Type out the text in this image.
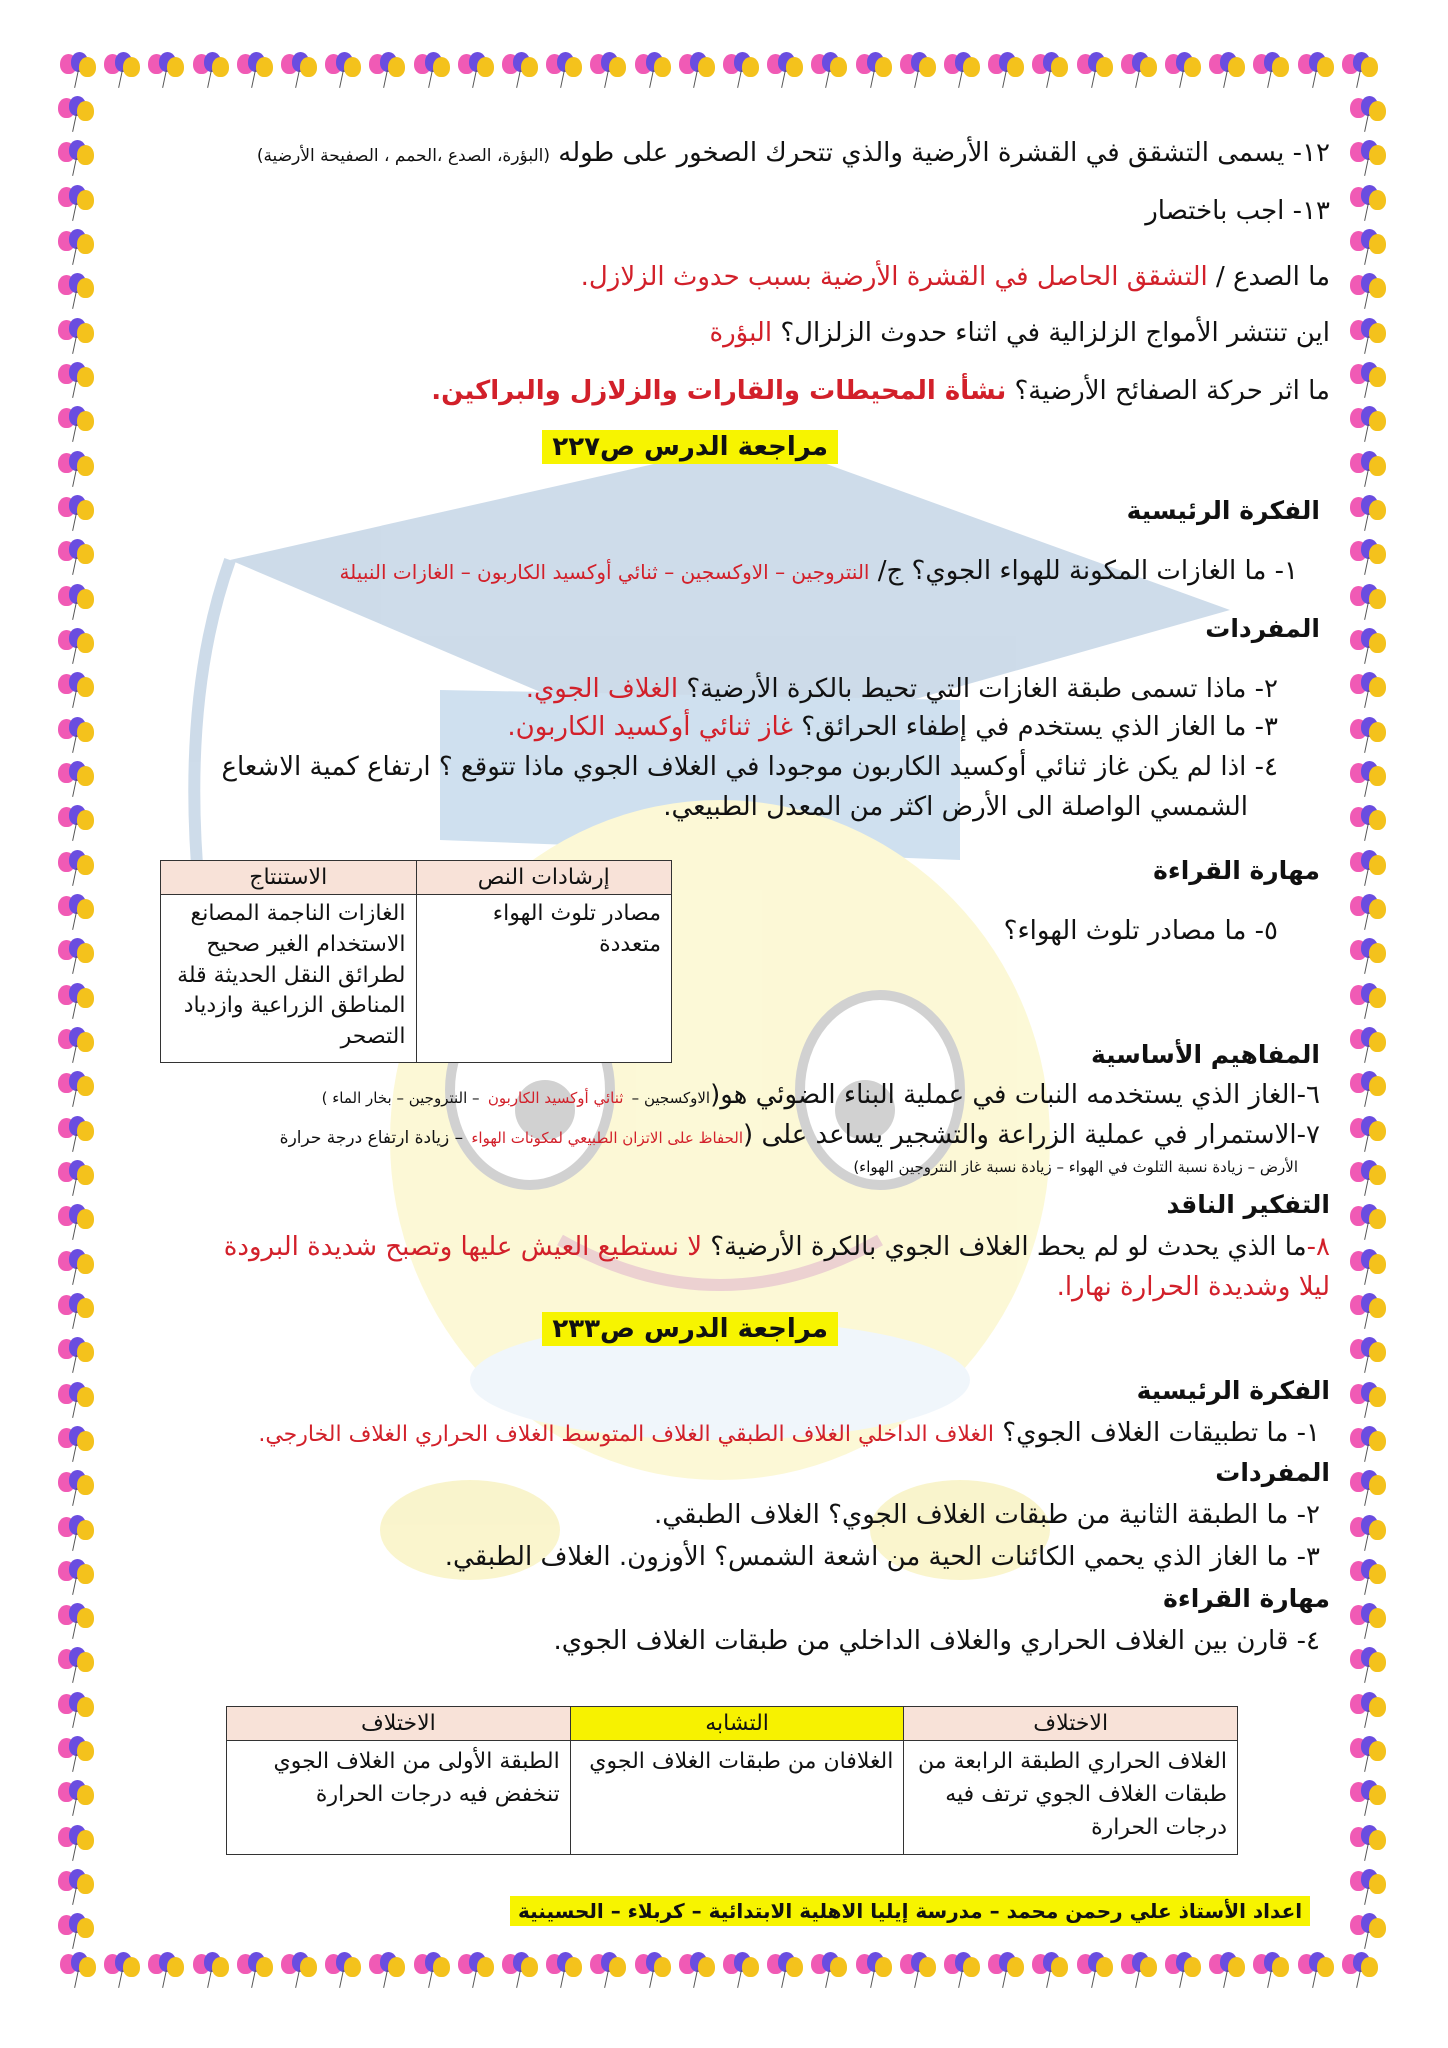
١٢- يسمى التشقق في القشرة الأرضية والذي تتحرك الصخور على طوله (البؤرة، الصدع ،الحمم ، الصفيحة الأرضية)
١٣- اجب باختصار
ما الصدع / التشقق الحاصل في القشرة الأرضية بسبب حدوث الزلازل.
اين تنتشر الأمواج الزلزالية في اثناء حدوث الزلزال؟ البؤرة
ما اثر حركة الصفائح الأرضية؟ نشأة المحيطات والقارات والزلازل والبراكين.
مراجعة الدرس ص٢٢٧
الفكرة الرئيسية
١- ما الغازات المكونة للهواء الجوي؟ ج/ النتروجين – الاوكسجين – ثنائي أوكسيد الكاربون – الغازات النبيلة
المفردات
٢- ماذا تسمى طبقة الغازات التي تحيط بالكرة الأرضية؟ الغلاف الجوي.
٣- ما الغاز الذي يستخدم في إطفاء الحرائق؟ غاز ثنائي أوكسيد الكاربون.
٤- اذا لم يكن غاز ثنائي أوكسيد الكاربون موجودا في الغلاف الجوي ماذا تتوقع ؟ ارتفاع كمية الاشعاع
الشمسي الواصلة الى الأرض اكثر من المعدل الطبيعي.
مهارة القراءة
٥- ما مصادر تلوث الهواء؟
إرشادات النص	الاستنتاج
مصادر تلوث الهواء متعددة	الغازات الناجمة المصانع الاستخدام الغير صحيح لطرائق النقل الحديثة قلة المناطق الزراعية وازدياد التصحر
المفاهيم الأساسية
٦-الغاز الذي يستخدمه النبات في عملية البناء الضوئي هو(الاوكسجين – ثنائي أوكسيد الكاربون – النتروجين – بخار الماء )
٧-الاستمرار في عملية الزراعة والتشجير يساعد على (الحفاظ على الاتزان الطبيعي لمكونات الهواء – زيادة ارتفاع درجة حرارة
الأرض – زيادة نسبة التلوث في الهواء – زيادة نسبة غاز النتروجين الهواء)
التفكير الناقد
٨-ما الذي يحدث لو لم يحط الغلاف الجوي بالكرة الأرضية؟ لا نستطيع العيش عليها وتصبح شديدة البرودة
ليلا وشديدة الحرارة نهارا.
مراجعة الدرس ص٢٣٣
الفكرة الرئيسية
١- ما تطبيقات الغلاف الجوي؟ الغلاف الداخلي الغلاف الطبقي الغلاف المتوسط الغلاف الحراري الغلاف الخارجي.
المفردات
٢- ما الطبقة الثانية من طبقات الغلاف الجوي؟ الغلاف الطبقي.
٣- ما الغاز الذي يحمي الكائنات الحية من اشعة الشمس؟ الأوزون. الغلاف الطبقي.
مهارة القراءة
٤- قارن بين الغلاف الحراري والغلاف الداخلي من طبقات الغلاف الجوي.
الاختلاف	التشابه	الاختلاف
الغلاف الحراري الطبقة الرابعة من طبقات الغلاف الجوي ترتف فيه درجات الحرارة	الغلافان من طبقات الغلاف الجوي	الطبقة الأولى من الغلاف الجوي تنخفض فيه درجات الحرارة
اعداد الأستاذ علي رحمن محمد – مدرسة إيليا الاهلية الابتدائية – كربلاء – الحسينية
